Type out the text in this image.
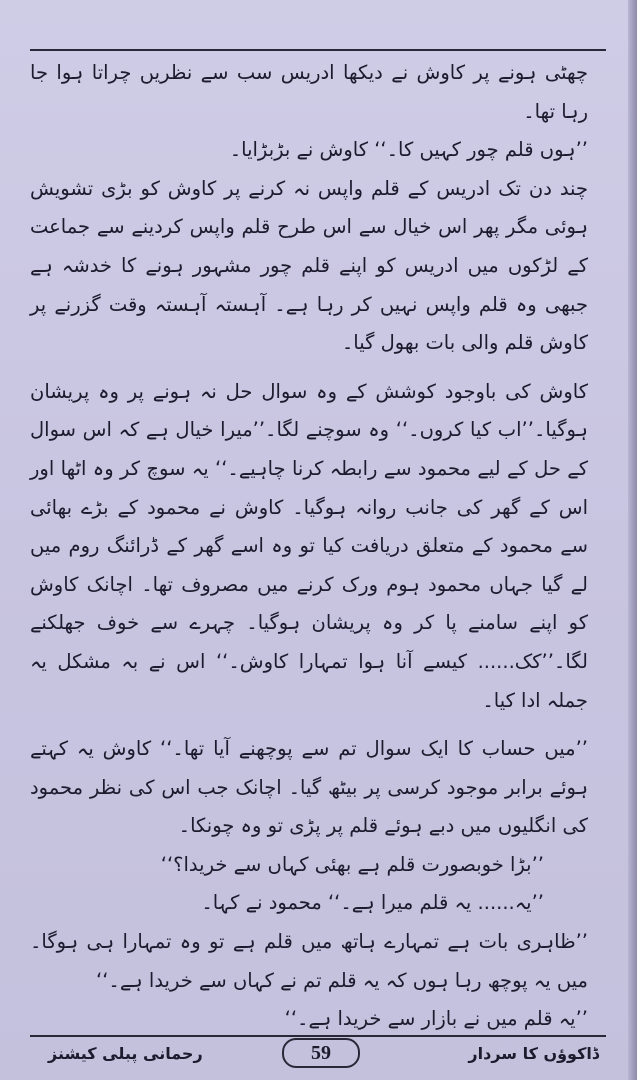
چھٹی ہونے پر کاوش نے دیکھا ادریس سب سے نظریں چراتا ہوا جا رہا تھا۔

’’ہوں قلم چور کہیں کا۔‘‘ کاوش نے بڑبڑایا۔

چند دن تک ادریس کے قلم واپس نہ کرنے پر کاوش کو بڑی تشویش ہوئی مگر پھر اس خیال سے اس طرح قلم واپس کردینے سے جماعت کے لڑکوں میں ادریس کو اپنے قلم چور مشہور ہونے کا خدشہ ہے جبھی وہ قلم واپس نہیں کر رہا ہے۔ آہستہ آہستہ وقت گزرنے پر کاوش قلم والی بات بھول گیا۔

کاوش کی باوجود کوشش کے وہ سوال حل نہ ہونے پر وہ پریشان ہوگیا۔’’اب کیا کروں۔‘‘ وہ سوچنے لگا۔’’میرا خیال ہے کہ اس سوال کے حل کے لیے محمود سے رابطہ کرنا چاہیے۔‘‘ یہ سوچ کر وہ اٹھا اور اس کے گھر کی جانب روانہ ہوگیا۔ کاوش نے محمود کے بڑے بھائی سے محمود کے متعلق دریافت کیا تو وہ اسے گھر کے ڈرائنگ روم میں لے گیا جہاں محمود ہوم ورک کرنے میں مصروف تھا۔ اچانک کاوش کو اپنے سامنے پا کر وہ پریشان ہوگیا۔ چہرے سے خوف جھلکنے لگا۔’’کک...... کیسے آنا ہوا تمہارا کاوش۔‘‘ اس نے بہ مشکل یہ جملہ ادا کیا۔

’’میں حساب کا ایک سوال تم سے پوچھنے آیا تھا۔‘‘ کاوش یہ کہتے ہوئے برابر موجود کرسی پر بیٹھ گیا۔ اچانک جب اس کی نظر محمود کی انگلیوں میں دبے ہوئے قلم پر پڑی تو وہ چونکا۔

’’بڑا خوبصورت قلم ہے بھئی کہاں سے خریدا؟‘‘

’’یہ...... یہ قلم میرا ہے۔‘‘ محمود نے کہا۔

’’ظاہری بات ہے تمہارے ہاتھ میں قلم ہے تو وہ تمہارا ہی ہوگا۔ میں یہ پوچھ رہا ہوں کہ یہ قلم تم نے کہاں سے خریدا ہے۔‘‘

’’یہ قلم میں نے بازار سے خریدا ہے۔‘‘

ڈاکوؤں کا سردار
59
رحمانی پبلی کیشنز
